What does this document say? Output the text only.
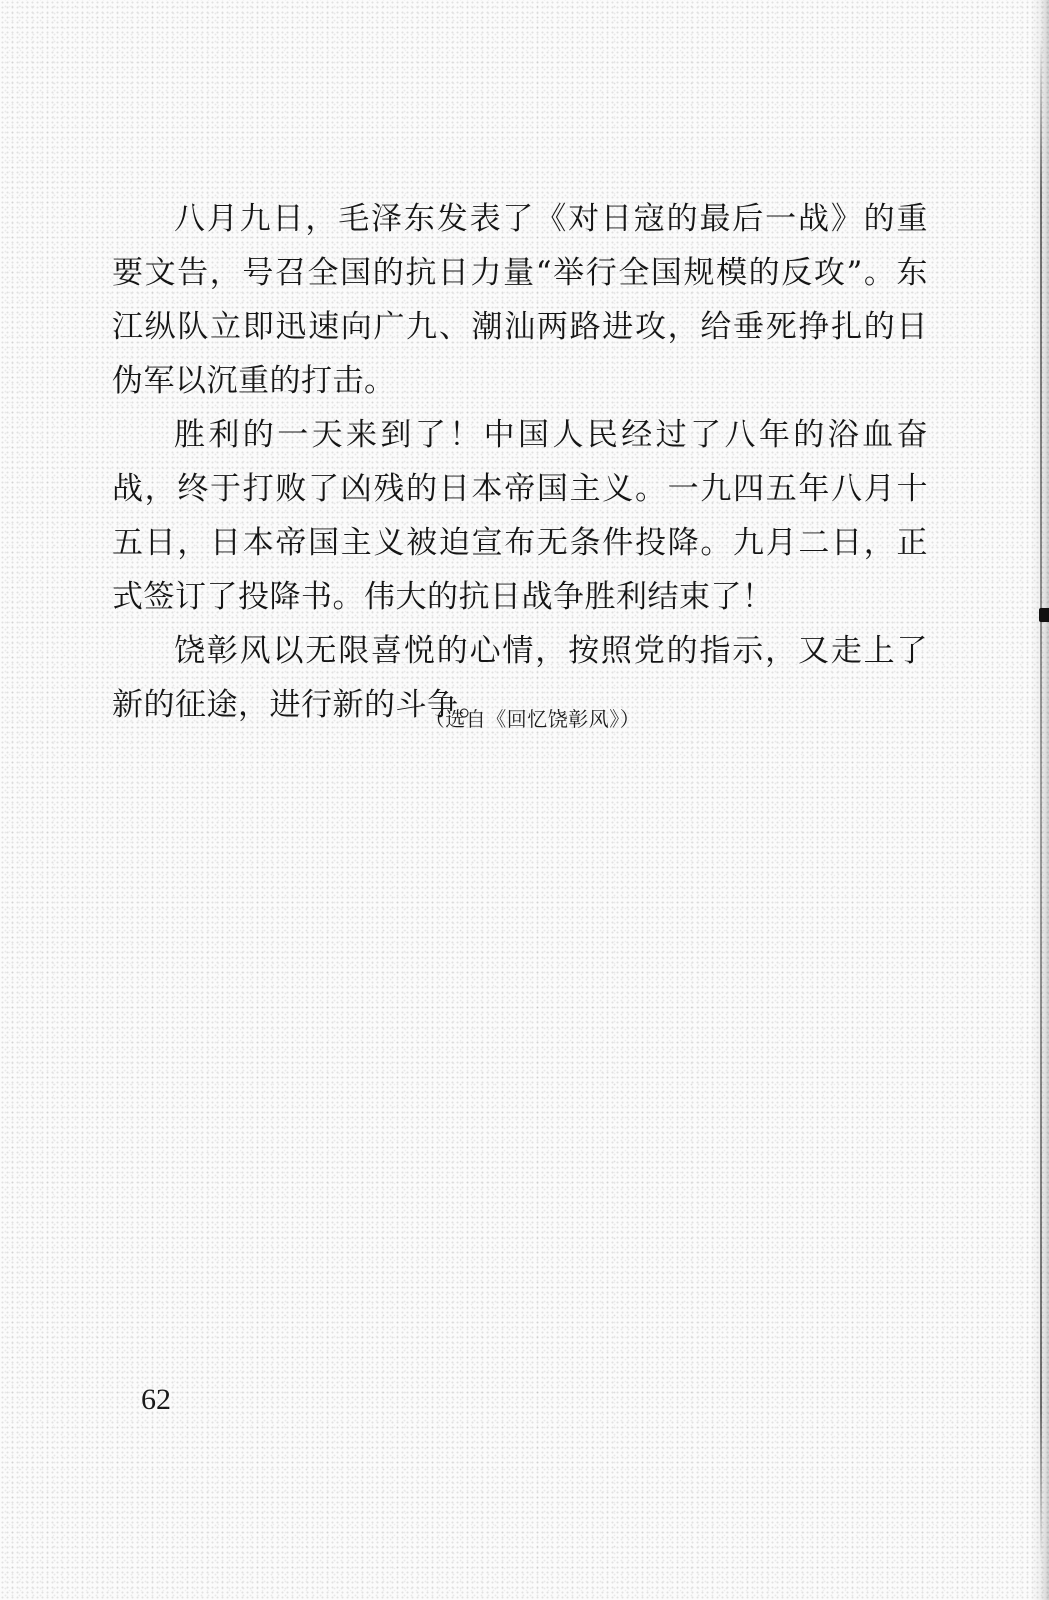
八月九日，毛泽东发表了《对日寇的最后一战》的重要文告，号召全国的抗日力量“举行全国规模的反攻”。东江纵队立即迅速向广九、潮汕两路进攻，给垂死挣扎的日伪军以沉重的打击。

胜利的一天来到了！中国人民经过了八年的浴血奋战，终于打败了凶残的日本帝国主义。一九四五年八月十五日，日本帝国主义被迫宣布无条件投降。九月二日，正式签订了投降书。伟大的抗日战争胜利结束了！

饶彰风以无限喜悦的心情，按照党的指示，又走上了新的征途，进行新的斗争。

（选自《回忆饶彰风》）
62
